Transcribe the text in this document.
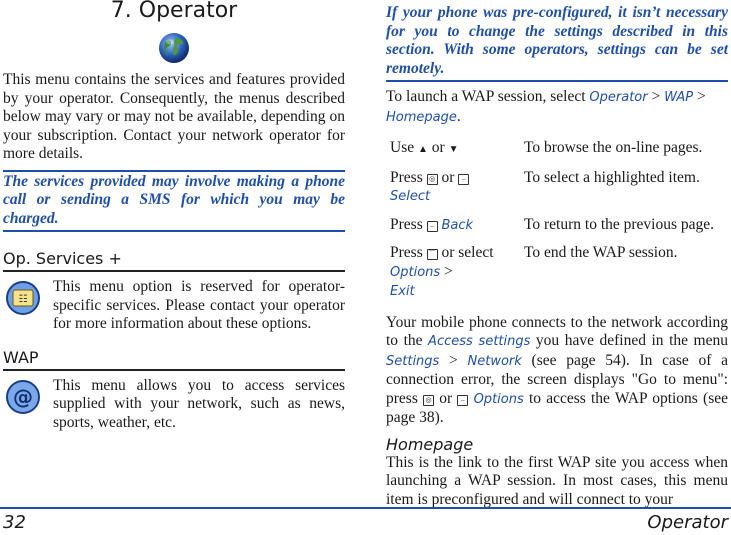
7. Operator

This menu contains the services and features provided by your operator. Consequently, the menus described below may vary or may not be available, depending on your subscription. Contact your network operator for more details.

The services provided may involve making a phone call or sending a SMS for which you may be charged.
Op. Services +
☷

This menu option is reserved for operator-specific services. Please contact your operator for more information about these options.

WAP
@	This menu allows you to access services supplied with your network, such as news, sports, weather, etc.

If your phone was pre-configured, it isn’t necessary for you to change the settings described in this section. With some operators, settings can be set remotely.

To launch a WAP session, select Operator > WAP > Homepage.

Use ▲ or ▼	To browse the on-line pages.
Press ◎ or –
Select	To select a highlighted item.
Press – Back	To return to the previous page.
Press ⌒ or select Options >
Exit	To end the WAP session.

Your mobile phone connects to the network according to the Access settings you have defined in the menu Settings > Network (see page 54). In case of a connection error, the screen displays "Go to menu": press ◎ or – Options to access the WAP options (see page 38).

Homepage

This is the link to the first WAP site you access when launching a WAP session. In most cases, this menu item is preconfigured and will connect to your

32	Operator
